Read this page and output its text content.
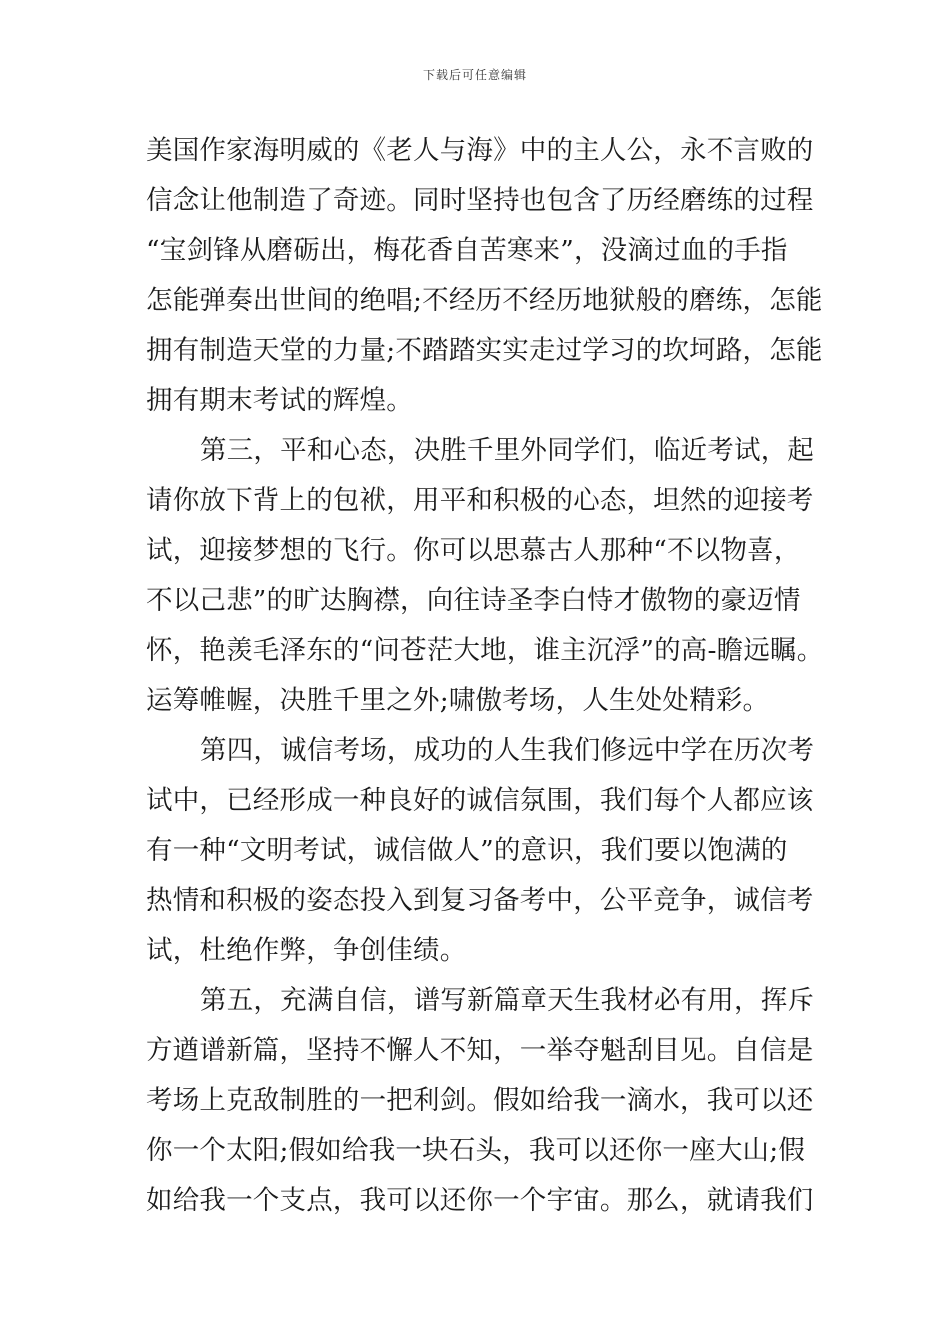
下载后可任意编辑
美国作家海明威的《老人与海》中的主人公，永不言败的
信念让他制造了奇迹。同时坚持也包含了历经磨练的过程
“宝剑锋从磨砺出，梅花香自苦寒来”，没滴过血的手指
怎能弹奏出世间的绝唱;不经历不经历地狱般的磨练，怎能
拥有制造天堂的力量;不踏踏实实走过学习的坎坷路，怎能
拥有期末考试的辉煌。
第三，平和心态，决胜千里外同学们，临近考试，起
请你放下背上的包袱，用平和积极的心态，坦然的迎接考
试，迎接梦想的飞行。你可以思慕古人那种“不以物喜，
不以己悲”的旷达胸襟，向往诗圣李白恃才傲物的豪迈情
怀，艳羡毛泽东的“问苍茫大地，谁主沉浮”的高-瞻远瞩。
运筹帷幄，决胜千里之外;啸傲考场，人生处处精彩。
第四，诚信考场，成功的人生我们修远中学在历次考
试中，已经形成一种良好的诚信氛围，我们每个人都应该
有一种“文明考试，诚信做人”的意识，我们要以饱满的
热情和积极的姿态投入到复习备考中，公平竞争，诚信考
试，杜绝作弊，争创佳绩。
第五，充满自信，谱写新篇章天生我材必有用，挥斥
方遒谱新篇，坚持不懈人不知，一举夺魁刮目见。自信是
考场上克敌制胜的一把利剑。假如给我一滴水，我可以还
你一个太阳;假如给我一块石头，我可以还你一座大山;假
如给我一个支点，我可以还你一个宇宙。那么，就请我们
